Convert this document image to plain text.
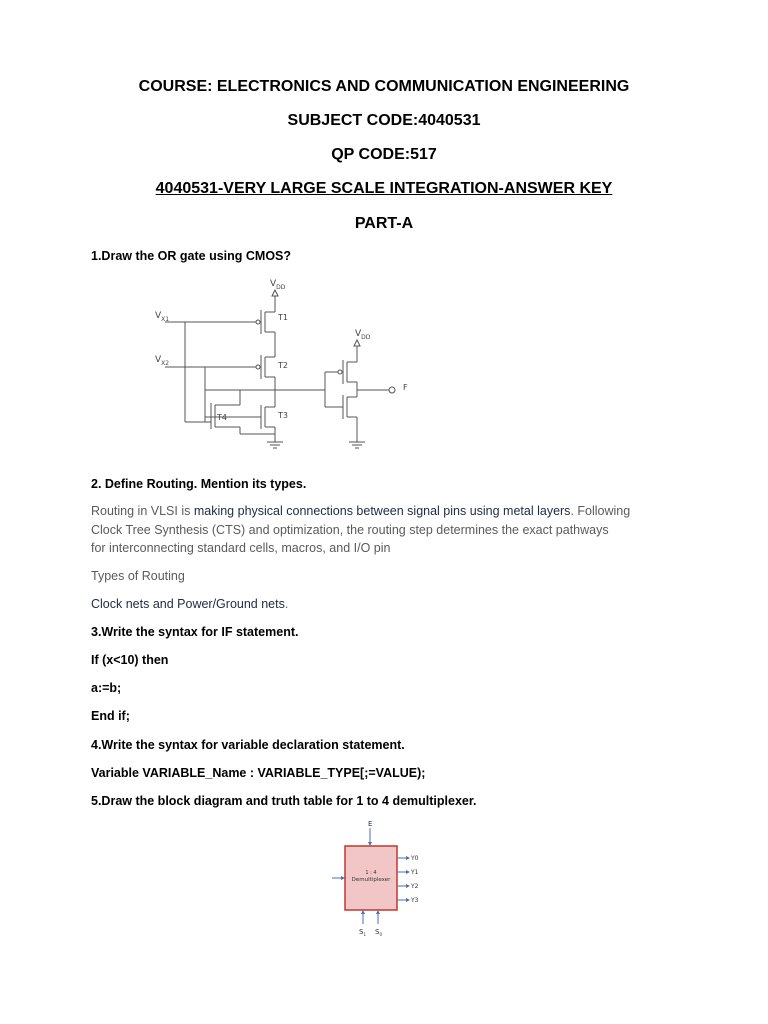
COURSE: ELECTRONICS AND COMMUNICATION ENGINEERING
SUBJECT CODE:4040531
QP CODE:517
4040531-VERY LARGE SCALE INTEGRATION-ANSWER KEY
PART-A

1.Draw the OR gate using CMOS?

$V_{DD}$
T1
$V_{X1}$
T2
$V_{X2}$
T3
T4
$V_{DD}$
F

2. Define Routing. Mention its types.

Routing in VLSI is making physical connections between signal pins using metal layers. Following
Clock Tree Synthesis (CTS) and optimization, the routing step determines the exact pathways
for interconnecting standard cells, macros, and I/O pin

Types of Routing

Clock nets and Power/Ground nets.

3.Write the syntax for IF statement.

If (x<10) then

a:=b;

End if;

4.Write the syntax for variable declaration statement.

Variable VARIABLE_Name : VARIABLE_TYPE[;=VALUE);

5.Draw the block diagram and truth table for 1 to 4 demultiplexer.

E
1 : 4
Demultiplexer
Y0
Y1
Y2
Y3
$S_1$ $S_0$
